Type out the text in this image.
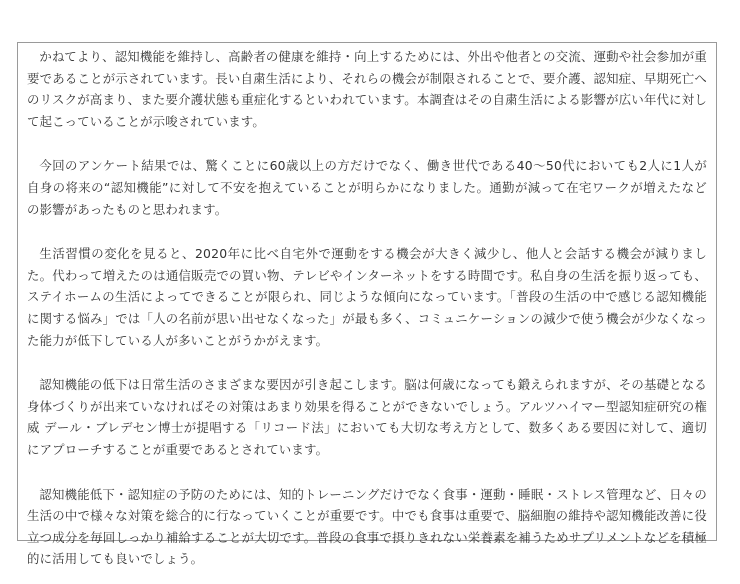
かねてより、認知機能を維持し、高齢者の健康を維持・向上するためには、外出や他者との交流、運動や社会参加が重要であることが示されています。長い自粛生活により、それらの機会が制限されることで、要介護、認知症、早期死亡へのリスクが高まり、また要介護状態も重症化するといわれています。本調査はその自粛生活による影響が広い年代に対して起こっていることが示唆されています。

今回のアンケート結果では、驚くことに60歳以上の方だけでなく、働き世代である40〜50代においても2人に1人が自身の将来の“認知機能”に対して不安を抱えていることが明らかになりました。通勤が減って在宅ワークが増えたなどの影響があったものと思われます。

生活習慣の変化を見ると、2020年に比べ自宅外で運動をする機会が大きく減少し、他人と会話する機会が減りました。代わって増えたのは通信販売での買い物、テレビやインターネットをする時間です。私自身の生活を振り返っても、ステイホームの生活によってできることが限られ、同じような傾向になっています。「普段の生活の中で感じる認知機能に関する悩み」では「人の名前が思い出せなくなった」が最も多く、コミュニケーションの減少で使う機会が少なくなった能力が低下している人が多いことがうかがえます。

認知機能の低下は日常生活のさまざまな要因が引き起こします。脳は何歳になっても鍛えられますが、その基礎となる身体づくりが出来ていなければその対策はあまり効果を得ることができないでしょう。アルツハイマー型認知症研究の権威 デール・ブレデセン博士が提唱する「リコード法」においても大切な考え方として、数多くある要因に対して、適切にアプローチすることが重要であるとされています。

認知機能低下・認知症の予防のためには、知的トレーニングだけでなく食事・運動・睡眠・ストレス管理など、日々の生活の中で様々な対策を総合的に行なっていくことが重要です。中でも食事は重要で、脳細胞の維持や認知機能改善に役立つ成分を毎回しっかり補給することが大切です。普段の食事で摂りきれない栄養素を補うためサプリメントなどを積極的に活用しても良いでしょう。
